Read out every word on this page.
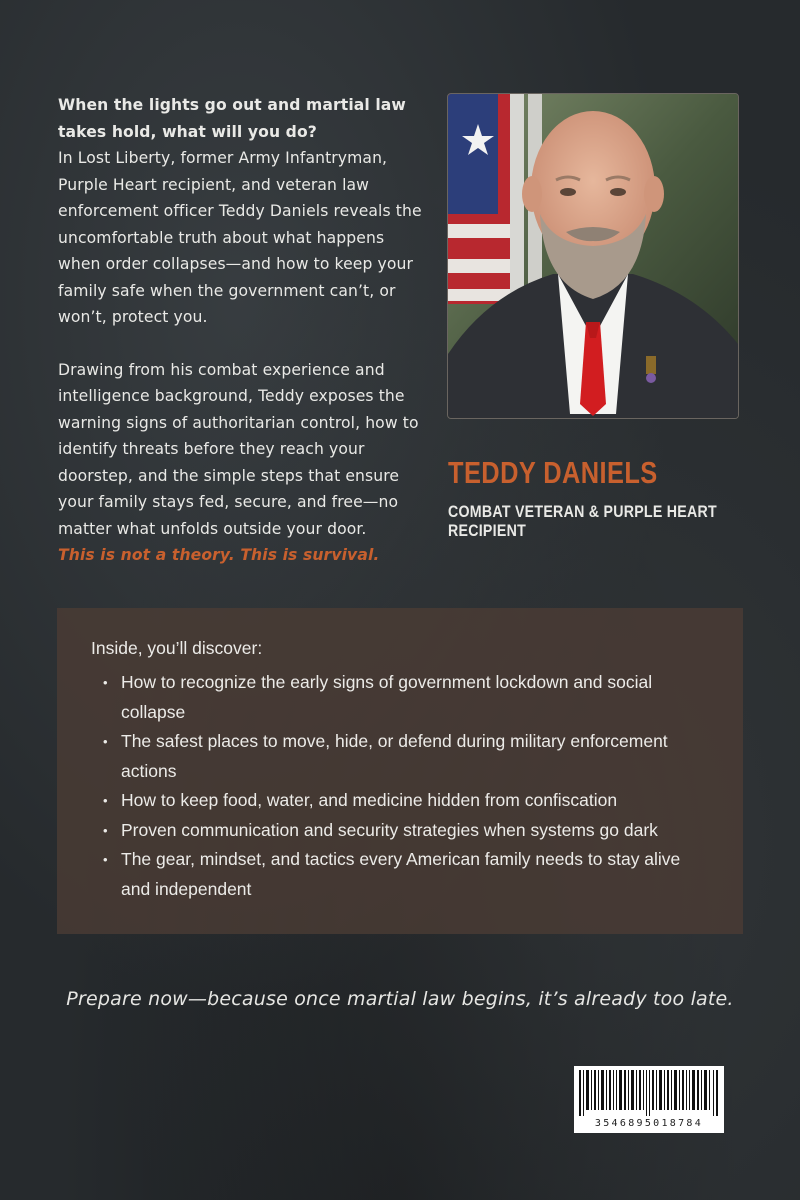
When the lights go out and martial law takes hold, what will you do?

In Lost Liberty, former Army Infantryman, Purple Heart recipient, and veteran law enforcement officer Teddy Daniels reveals the uncomfortable truth about what happens when order collapses—and how to keep your family safe when the government can’t, or won’t, protect you.

Drawing from his combat experience and intelligence background, Teddy exposes the warning signs of authoritarian control, how to identify threats before they reach your doorstep, and the simple steps that ensure your family stays fed, secure, and free—no matter what unfolds outside your door.

This is not a theory. This is survival.

TEDDY DANIELS
COMBAT VETERAN & PURPLE HEART RECIPIENT
Inside, you’ll discover:
• How to recognize the early signs of government lockdown and social collapse
• The safest places to move, hide, or defend during military enforcement actions
• How to keep food, water, and medicine hidden from confiscation
• Proven communication and security strategies when systems go dark
• The gear, mindset, and tactics every American family needs to stay alive and independent
Prepare now—because once martial law begins, it’s already too late.
3546895018784
